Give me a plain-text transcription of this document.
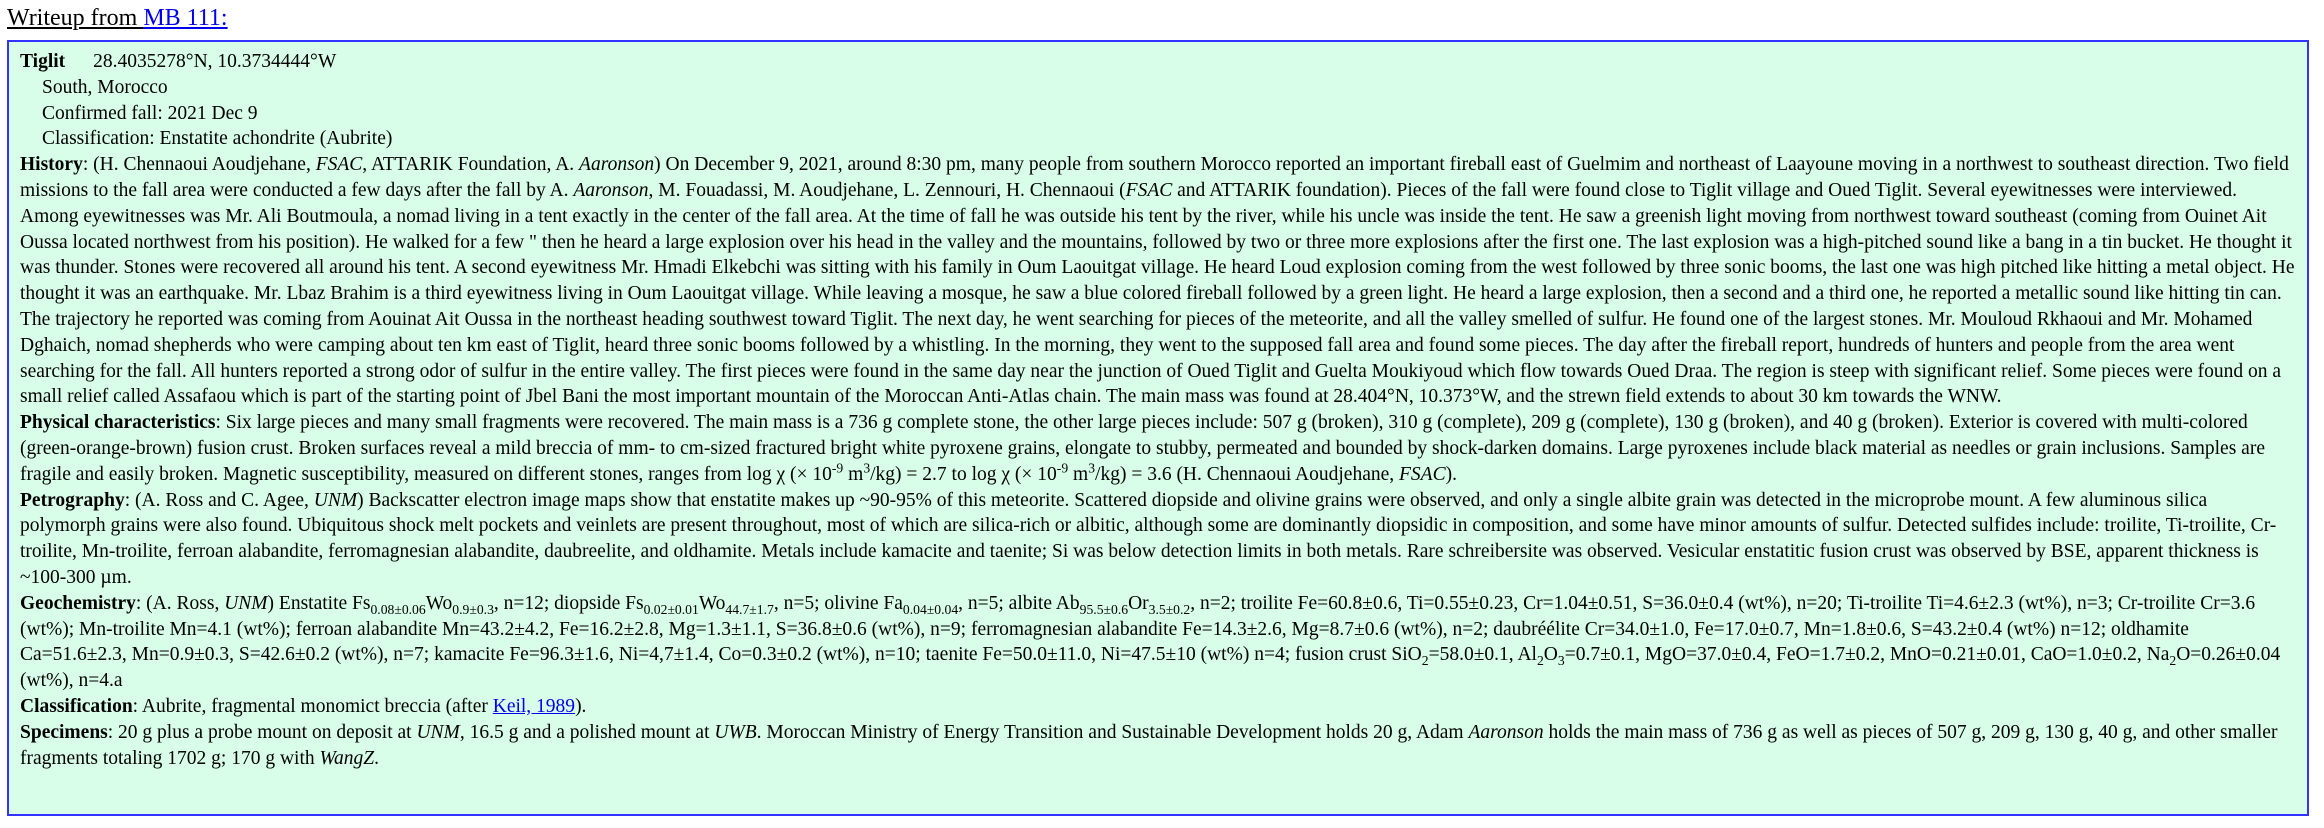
Writeup from MB 111:

Tiglit 28.4035278°N, 10.3734444°W

South, Morocco

Confirmed fall: 2021 Dec 9

Classification: Enstatite achondrite (Aubrite)

History: (H. Chennaoui Aoudjehane, FSAC, ATTARIK Foundation, A. Aaronson) On December 9, 2021, around 8:30 pm, many people from southern Morocco reported an important fireball east of Guelmim and northeast of Laayoune moving in a northwest to southeast direction. Two field missions to the fall area were conducted a few days after the fall by A. Aaronson, M. Fouadassi, M. Aoudjehane, L. Zennouri, H. Chennaoui (FSAC and ATTARIK foundation). Pieces of the fall were found close to Tiglit village and Oued Tiglit. Several eyewitnesses were interviewed. Among eyewitnesses was Mr. Ali Boutmoula, a nomad living in a tent exactly in the center of the fall area. At the time of fall he was outside his tent by the river, while his uncle was inside the tent. He saw a greenish light moving from northwest toward southeast (coming from Ouinet Ait Oussa located northwest from his position). He walked for a few " then he heard a large explosion over his head in the valley and the mountains, followed by two or three more explosions after the first one. The last explosion was a high-pitched sound like a bang in a tin bucket. He thought it was thunder. Stones were recovered all around his tent. A second eyewitness Mr. Hmadi Elkebchi was sitting with his family in Oum Laouitgat village. He heard Loud explosion coming from the west followed by three sonic booms, the last one was high pitched like hitting a metal object. He thought it was an earthquake. Mr. Lbaz Brahim is a third eyewitness living in Oum Laouitgat village. While leaving a mosque, he saw a blue colored fireball followed by a green light. He heard a large explosion, then a second and a third one, he reported a metallic sound like hitting tin can. The trajectory he reported was coming from Aouinat Ait Oussa in the northeast heading southwest toward Tiglit. The next day, he went searching for pieces of the meteorite, and all the valley smelled of sulfur. He found one of the largest stones. Mr. Mouloud Rkhaoui and Mr. Mohamed Dghaich, nomad shepherds who were camping about ten km east of Tiglit, heard three sonic booms followed by a whistling. In the morning, they went to the supposed fall area and found some pieces. The day after the fireball report, hundreds of hunters and people from the area went searching for the fall. All hunters reported a strong odor of sulfur in the entire valley. The first pieces were found in the same day near the junction of Oued Tiglit and Guelta Moukiyoud which flow towards Oued Draa. The region is steep with significant relief. Some pieces were found on a small relief called Assafaou which is part of the starting point of Jbel Bani the most important mountain of the Moroccan Anti-Atlas chain. The main mass was found at 28.404°N, 10.373°W, and the strewn field extends to about 30 km towards the WNW.

Physical characteristics: Six large pieces and many small fragments were recovered. The main mass is a 736 g complete stone, the other large pieces include: 507 g (broken), 310 g (complete), 209 g (complete), 130 g (broken), and 40 g (broken). Exterior is covered with multi-colored (green-orange-brown) fusion crust. Broken surfaces reveal a mild breccia of mm- to cm-sized fractured bright white pyroxene grains, elongate to stubby, permeated and bounded by shock-darken domains. Large pyroxenes include black material as needles or grain inclusions. Samples are fragile and easily broken. Magnetic susceptibility, measured on different stones, ranges from log χ (× $10^{-9}$ $m^3/kg) = 2.7$ to log χ (× $10^{-9}$ $m^3/kg) = 3.6$ (H. Chennaoui Aoudjehane, FSAC).

Petrography: (A. Ross and C. Agee, UNM) Backscatter electron image maps show that enstatite makes up ~90-95% of this meteorite. Scattered diopside and olivine grains were observed, and only a single albite grain was detected in the microprobe mount. A few aluminous silica polymorph grains were also found. Ubiquitous shock melt pockets and veinlets are present throughout, most of which are silica-rich or albitic, although some are dominantly diopsidic in composition, and some have minor amounts of sulfur. Detected sulfides include: troilite, Ti-troilite, Cr-troilite, Mn-troilite, ferroan alabandite, ferromagnesian alabandite, daubreelite, and oldhamite. Metals include kamacite and taenite; Si was below detection limits in both metals. Rare schreibersite was observed. Vesicular enstatitic fusion crust was observed by BSE, apparent thickness is ~100-300 µm.

Geochemistry: (A. Ross, UNM) Enstatite $Fs_{0.08\pm 0.06}Wo_{0.9\pm 0.3}$, n=12; diopside $Fs_{0.02\pm 0.01}Wo_{44.7\pm 1.7}$, n=5; olivine $Fa_{0.04\pm 0.04}$, n=5; albite $Ab_{95.5\pm 0.6}Or_{3.5\pm 0.2}$, n=2; troilite Fe=60.8±0.6, Ti=0.55±0.23, Cr=1.04±0.51, S=36.0±0.4 (wt%), n=20; Ti-troilite Ti=4.6±2.3 (wt%), n=3; Cr-troilite Cr=3.6 (wt%); Mn-troilite Mn=4.1 (wt%); ferroan alabandite Mn=43.2±4.2, Fe=16.2±2.8, Mg=1.3±1.1, S=36.8±0.6 (wt%), n=9; ferromagnesian alabandite Fe=14.3±2.6, Mg=8.7±0.6 (wt%), n=2; daubréélite Cr=34.0±1.0, Fe=17.0±0.7, Mn=1.8±0.6, S=43.2±0.4 (wt%) n=12; oldhamite Ca=51.6±2.3, Mn=0.9±0.3, S=42.6±0.2 (wt%), n=7; kamacite Fe=96.3±1.6, Ni=4,7±1.4, Co=0.3±0.2 (wt%), n=10; taenite Fe=50.0±11.0, Ni=47.5±10 (wt%) n=4; fusion crust SiO$_2$=58.0±0.1, $Al_2O_3=0.7\pm 0.1$, MgO=37.0±0.4, FeO=1.7±0.2, MnO=0.21±0.01, CaO=1.0±0.2, $Na_2O=0.26\pm 0.04$ (wt%), n=4.a

Classification: Aubrite, fragmental monomict breccia (after Keil, 1989).

Specimens: 20 g plus a probe mount on deposit at UNM, 16.5 g and a polished mount at UWB. Moroccan Ministry of Energy Transition and Sustainable Development holds 20 g, Adam Aaronson holds the main mass of 736 g as well as pieces of 507 g, 209 g, 130 g, 40 g, and other smaller fragments totaling 1702 g; 170 g with WangZ.
